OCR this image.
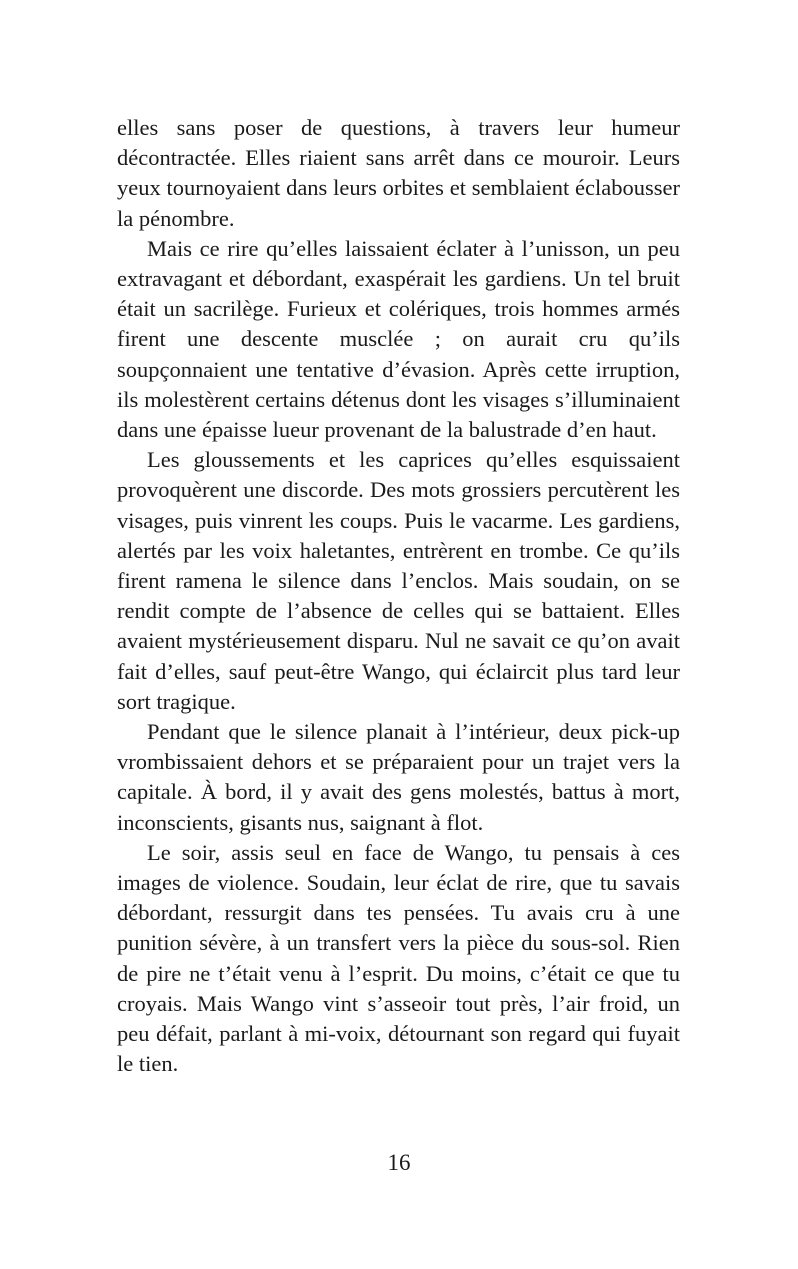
elles sans poser de questions, à travers leur humeur décontractée. Elles riaient sans arrêt dans ce mouroir. Leurs yeux tournoyaient dans leurs orbites et semblaient éclabousser la pénombre.

Mais ce rire qu’elles laissaient éclater à l’unisson, un peu extravagant et débordant, exaspérait les gardiens. Un tel bruit était un sacrilège. Furieux et colériques, trois hommes armés firent une descente musclée ; on aurait cru qu’ils soupçonnaient une tentative d’évasion. Après cette irruption, ils molestèrent certains détenus dont les visages s’illuminaient dans une épaisse lueur provenant de la balustrade d’en haut.

Les gloussements et les caprices qu’elles esquissaient provoquèrent une discorde. Des mots grossiers percutèrent les visages, puis vinrent les coups. Puis le vacarme. Les gardiens, alertés par les voix haletantes, entrèrent en trombe. Ce qu’ils firent ramena le silence dans l’enclos. Mais soudain, on se rendit compte de l’absence de celles qui se battaient. Elles avaient mystérieusement disparu. Nul ne savait ce qu’on avait fait d’elles, sauf peut-être Wango, qui éclaircit plus tard leur sort tragique.

Pendant que le silence planait à l’intérieur, deux pick-up vrombissaient dehors et se préparaient pour un trajet vers la capitale. À bord, il y avait des gens molestés, battus à mort, inconscients, gisants nus, saignant à flot.

Le soir, assis seul en face de Wango, tu pensais à ces images de violence. Soudain, leur éclat de rire, que tu savais débordant, ressurgit dans tes pensées. Tu avais cru à une punition sévère, à un transfert vers la pièce du sous-sol. Rien de pire ne t’était venu à l’esprit. Du moins, c’était ce que tu croyais. Mais Wango vint s’asseoir tout près, l’air froid, un peu défait, parlant à mi-voix, détournant son regard qui fuyait le tien.

16
